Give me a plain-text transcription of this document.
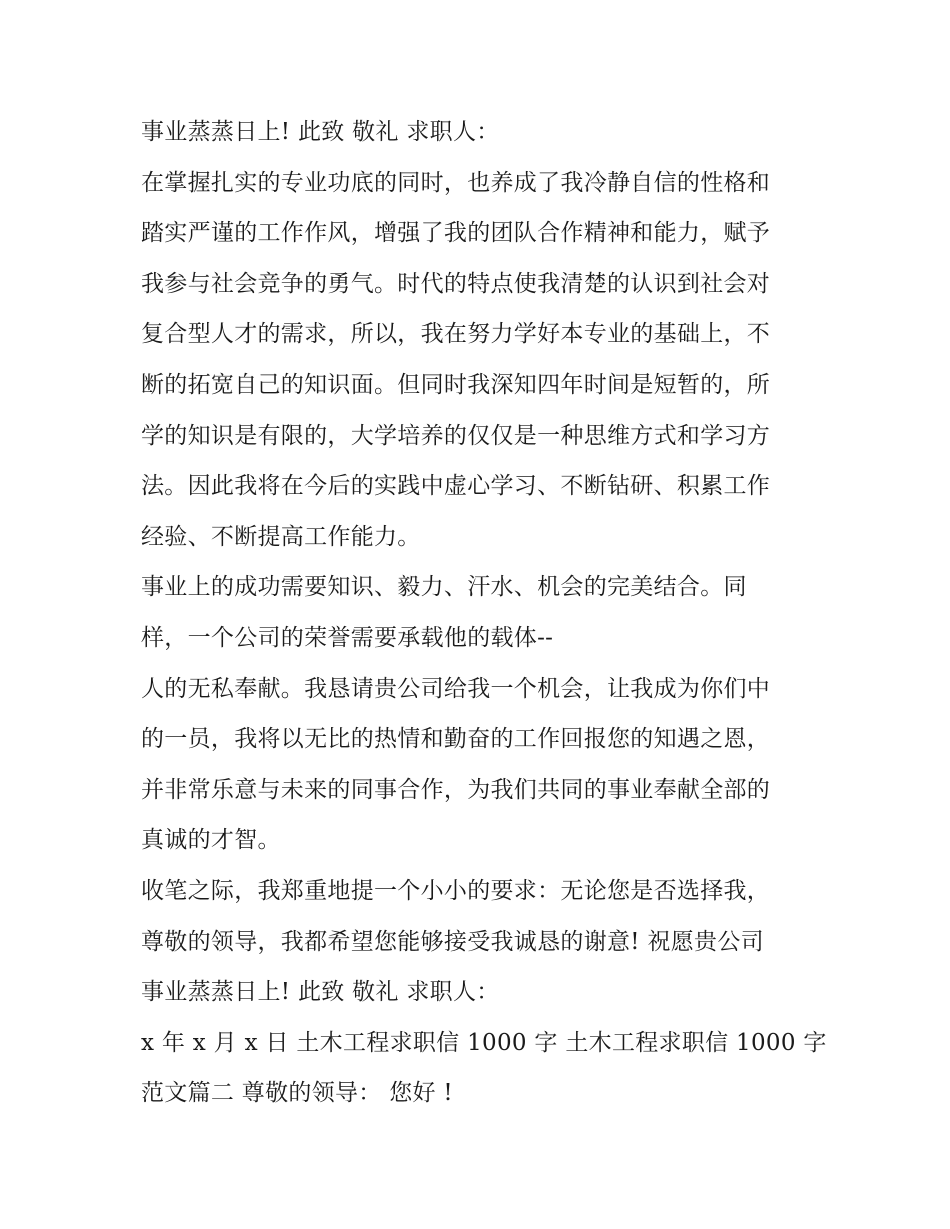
事业蒸蒸日上! 此致 敬礼 求职人：
在掌握扎实的专业功底的同时，也养成了我冷静自信的性格和
踏实严谨的工作作风，增强了我的团队合作精神和能力，赋予
我参与社会竞争的勇气。时代的特点使我清楚的认识到社会对
复合型人才的需求，所以，我在努力学好本专业的基础上，不
断的拓宽自己的知识面。但同时我深知四年时间是短暂的，所
学的知识是有限的，大学培养的仅仅是一种思维方式和学习方
法。因此我将在今后的实践中虚心学习、不断钻研、积累工作
经验、不断提高工作能力。
事业上的成功需要知识、毅力、汗水、机会的完美结合。同
样，一个公司的荣誉需要承载他的载体--
人的无私奉献。我恳请贵公司给我一个机会，让我成为你们中
的一员，我将以无比的热情和勤奋的工作回报您的知遇之恩，
并非常乐意与未来的同事合作，为我们共同的事业奉献全部的
真诚的才智。
收笔之际，我郑重地提一个小小的要求：无论您是否选择我，
尊敬的领导，我都希望您能够接受我诚恳的谢意! 祝愿贵公司
事业蒸蒸日上! 此致 敬礼 求职人：
x 年 x 月 x 日 土木工程求职信 1000 字 土木工程求职信 1000 字
范文篇二 尊敬的领导： 您好 !
